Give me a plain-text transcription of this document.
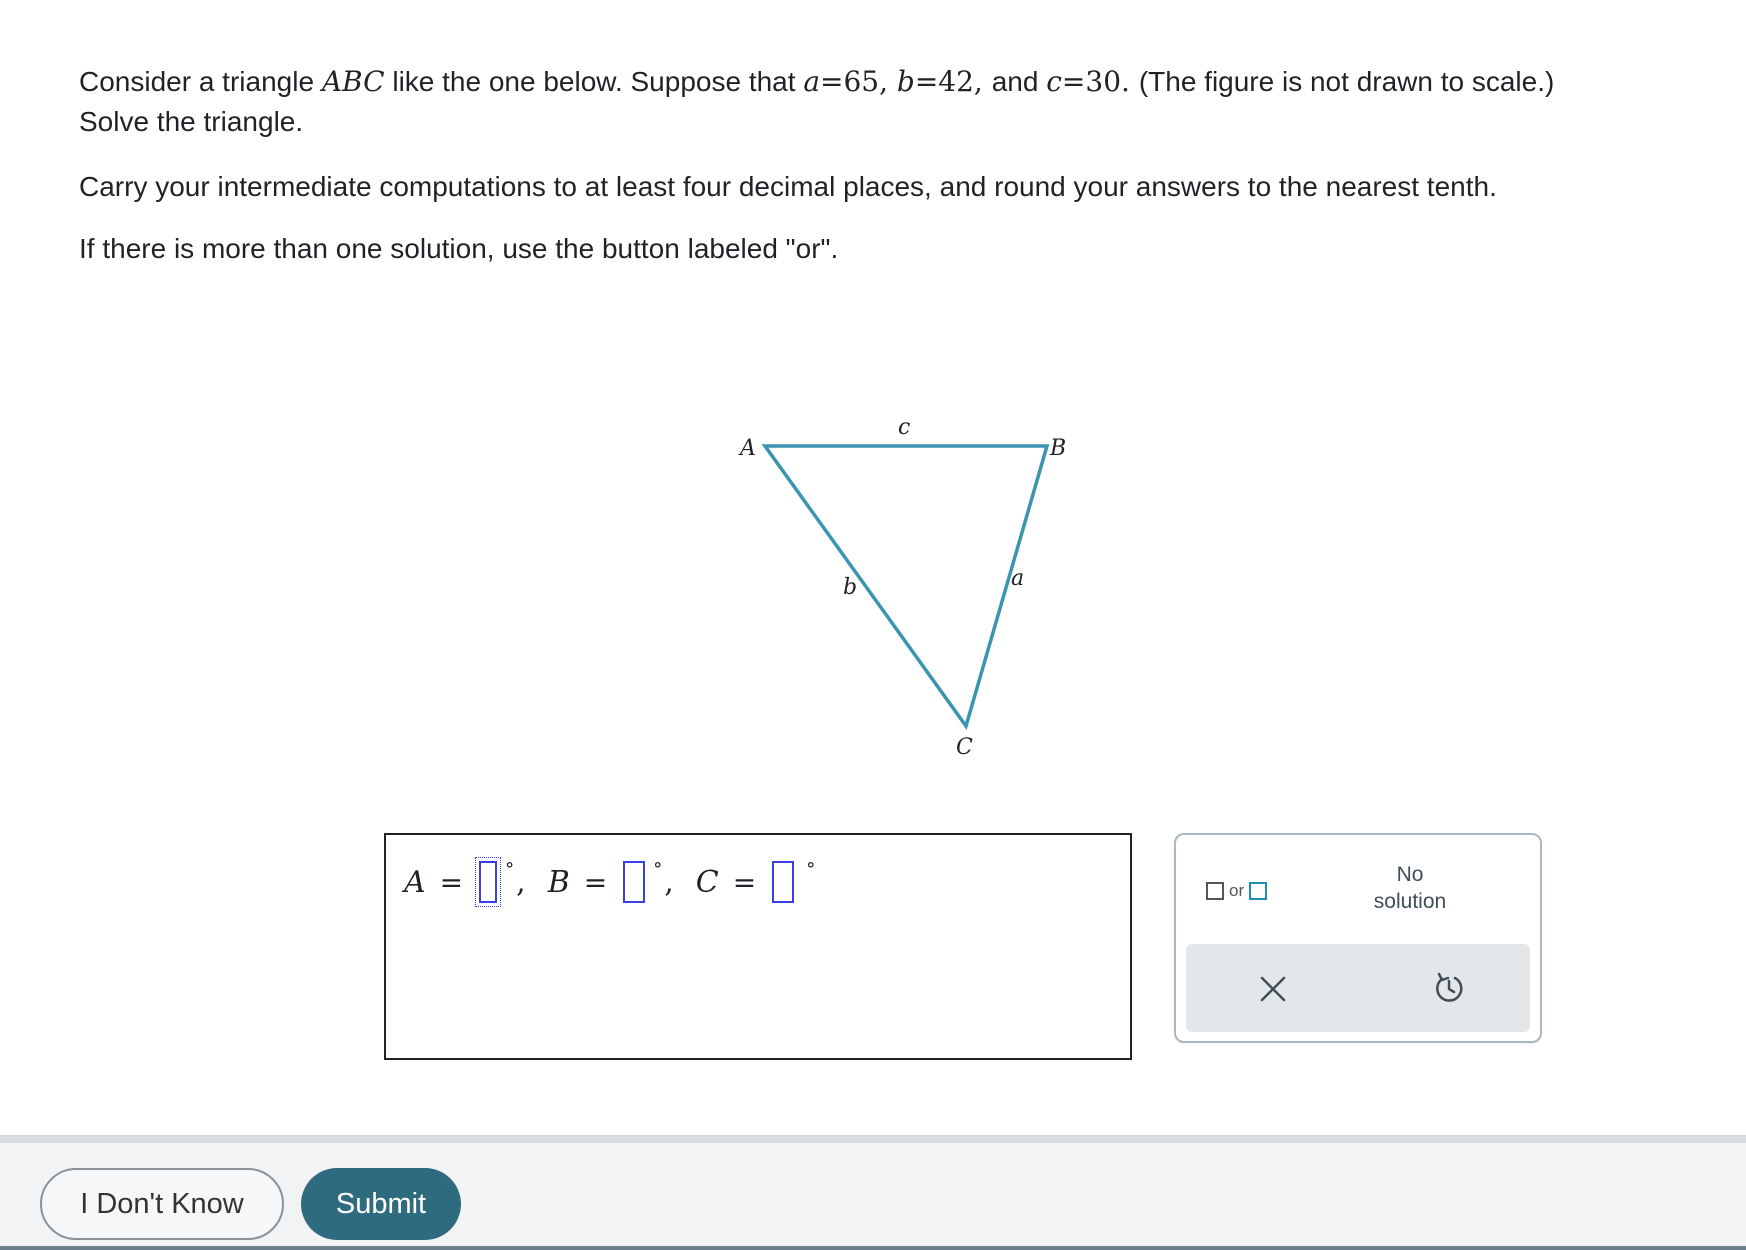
Consider a triangle ABC like the one below. Suppose that a=65, b=42, and c=30. (The figure is not drawn to scale.)

Solve the triangle.

Carry your intermediate computations to at least four decimal places, and round your answers to the nearest tenth.
If there is more than one solution, use the button labeled "or".
A	B
C
c
b	a
A = ° , B =	° , C =	°
or
No
solution
I Don't Know	Submit
